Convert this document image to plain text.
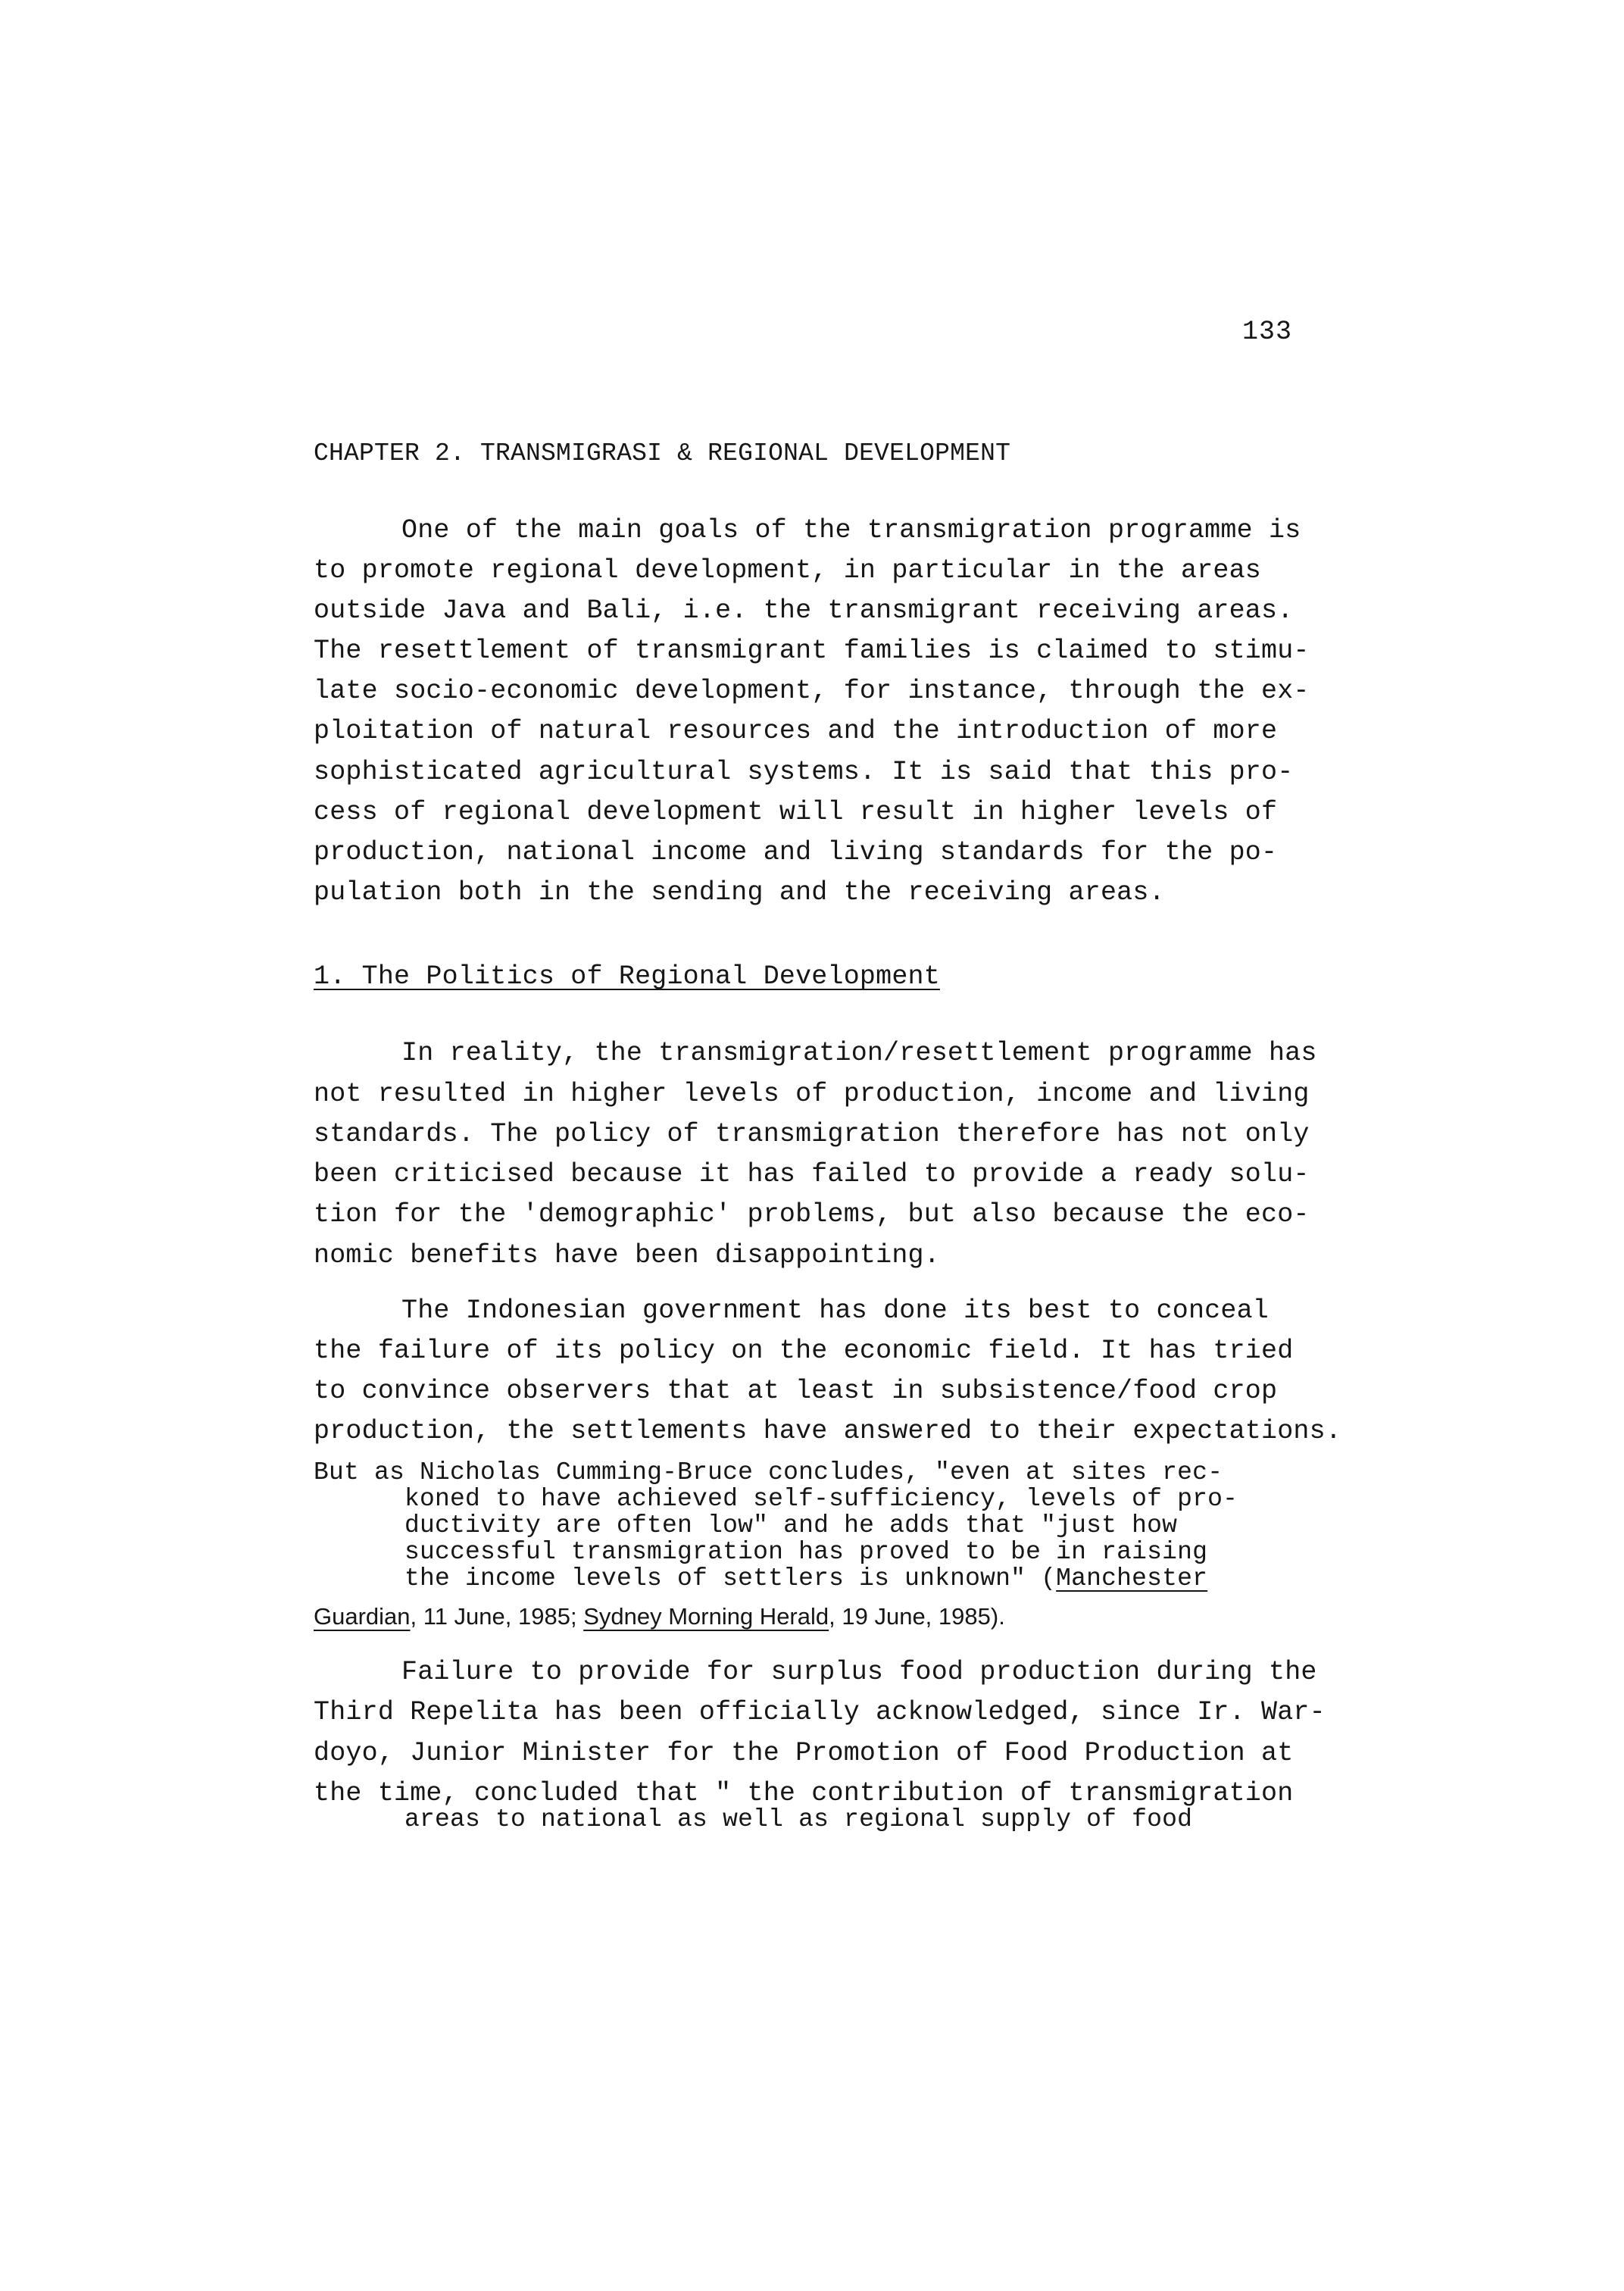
133
CHAPTER 2. TRANSMIGRASI & REGIONAL DEVELOPMENT
One of the main goals of the transmigration programme is
to promote regional development, in particular in the areas
outside Java and Bali, i.e. the transmigrant receiving areas.
The resettlement of transmigrant families is claimed to stimu-
late socio-economic development, for instance, through the ex-
ploitation of natural resources and the introduction of more
sophisticated agricultural systems. It is said that this pro-
cess of regional development will result in higher levels of
production, national income and living standards for the po-
pulation both in the sending and the receiving areas.
1. The Politics of Regional Development
In reality, the transmigration/resettlement programme has
not resulted in higher levels of production, income and living
standards. The policy of transmigration therefore has not only
been criticised because it has failed to provide a ready solu-
tion for the 'demographic' problems, but also because the eco-
nomic benefits have been disappointing.
The Indonesian government has done its best to conceal
the failure of its policy on the economic field. It has tried
to convince observers that at least in subsistence/food crop
production, the settlements have answered to their expectations.
But as Nicholas Cumming-Bruce concludes, "even at sites rec-
koned to have achieved self-sufficiency, levels of pro-
ductivity are often low" and he adds that "just how
successful transmigration has proved to be in raising
the income levels of settlers is unknown" (Manchester
Guardian, 11 June, 1985; Sydney Morning Herald, 19 June, 1985).
Failure to provide for surplus food production during the
Third Repelita has been officially acknowledged, since Ir. War-
doyo, Junior Minister for the Promotion of Food Production at
the time, concluded that " the contribution of transmigration
areas to national as well as regional supply of food
